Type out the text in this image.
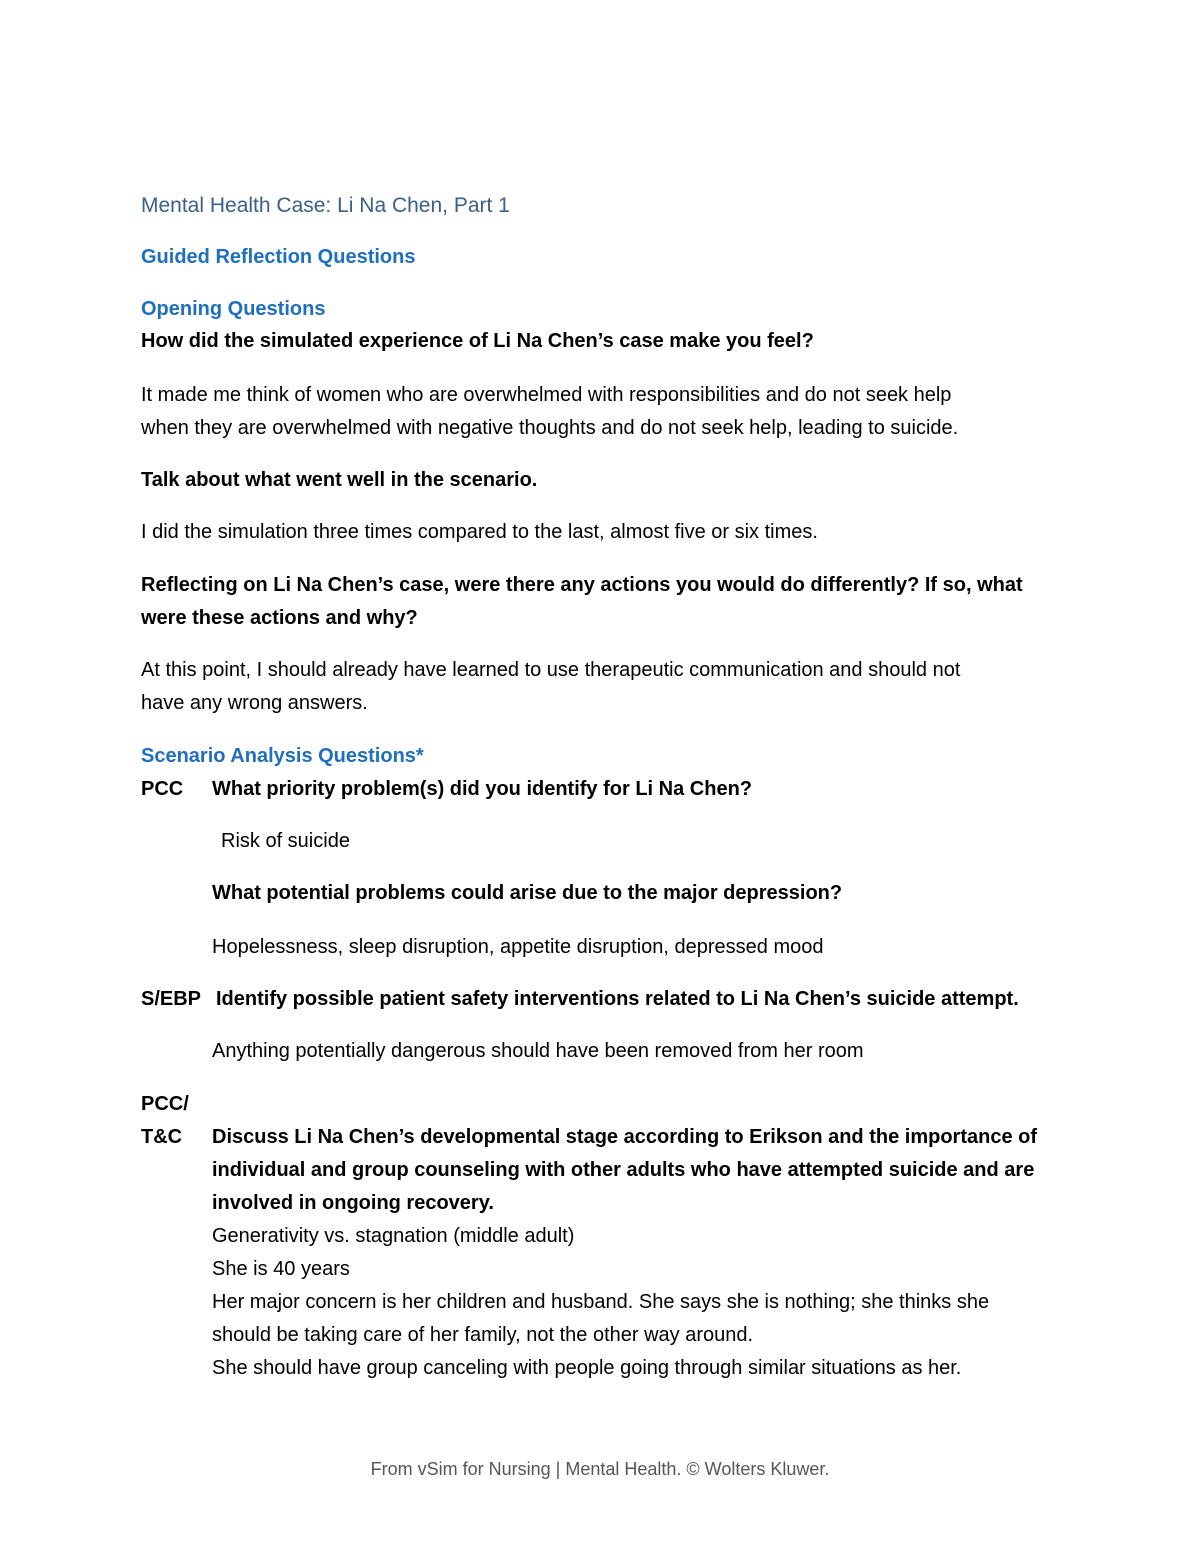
Mental Health Case: Li Na Chen, Part 1
Guided Reflection Questions
Opening Questions
How did the simulated experience of Li Na Chen’s case make you feel?
It made me think of women who are overwhelmed with responsibilities and do not seek help
when they are overwhelmed with negative thoughts and do not seek help, leading to suicide.
Talk about what went well in the scenario.
I did the simulation three times compared to the last, almost five or six times.
Reflecting on Li Na Chen’s case, were there any actions you would do differently? If so, what
were these actions and why?
At this point, I should already have learned to use therapeutic communication and should not
have any wrong answers.
Scenario Analysis Questions*
PCC What priority problem(s) did you identify for Li Na Chen?
Risk of suicide
What potential problems could arise due to the major depression?
Hopelessness, sleep disruption, appetite disruption, depressed mood
S/EBP Identify possible patient safety interventions related to Li Na Chen’s suicide attempt.
Anything potentially dangerous should have been removed from her room
PCC/
T&C Discuss Li Na Chen’s developmental stage according to Erikson and the importance of
individual and group counseling with other adults who have attempted suicide and are
involved in ongoing recovery.
Generativity vs. stagnation (middle adult)
She is 40 years
Her major concern is her children and husband. She says she is nothing; she thinks she
should be taking care of her family, not the other way around.
She should have group canceling with people going through similar situations as her.
From vSim for Nursing | Mental Health. © Wolters Kluwer.
